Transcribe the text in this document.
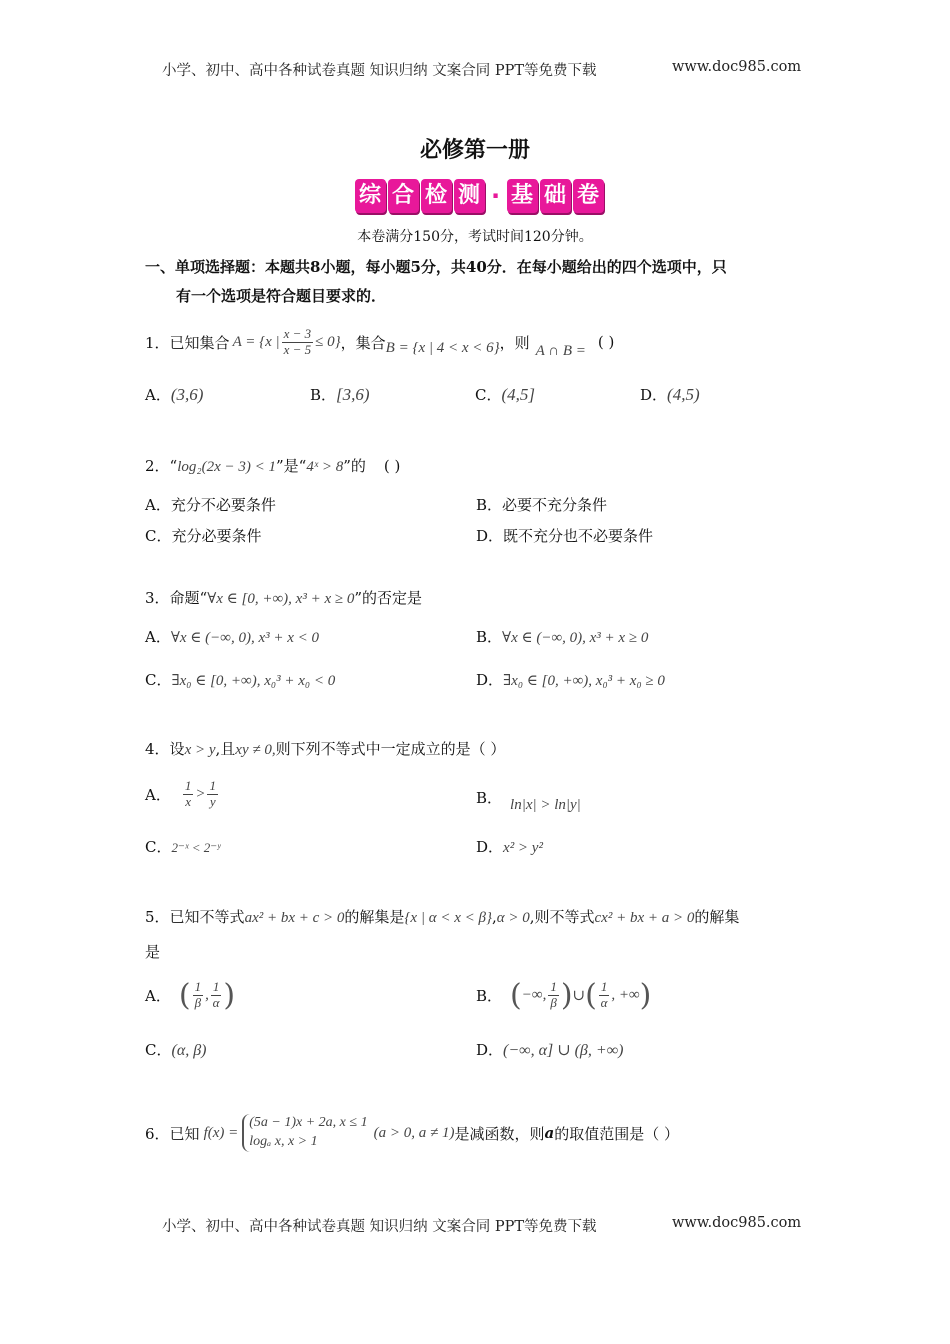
小学、初中、高中各种试卷真题 知识归纳 文案合同 PPT等免费下载	www.doc985.com
必修第一册
综 合 检 测 · 基 础 卷
本卷满分150分，考试时间120分钟。
一、单项选择题：本题共8小题，每小题5分，共40分．在每小题给出的四个选项中，只
有一个选项是符合题目要求的．
1． 已知集合 A = {x | $\frac{x - 3}{x - 5} \le 0$} ，集合 B = {x | 4 < x < 6} ，则 A ∩ B = ( )
A．(3,6)	B．[3,6)	C．(4,5]	D．(4,5)
2．“log₂(2x − 3) < 1”是“4ˣ > 8”的 ( )
A．充分不必要条件	B．必要不充分条件
C．充分必要条件	D．既不充分也不必要条件
3．命题“∀x ∈ [0, +∞), x³ + x ≥ 0”的否定是
A．∀x ∈ (−∞, 0), x³ + x < 0	B．∀x ∈ (−∞, 0), x³ + x ≥ 0
C．∃x₀ ∈ [0, +∞), x₀³ + x₀ < 0	D．∃x₀ ∈ [0, +∞), x₀³ + x₀ ≥ 0
4．设x > y,且xy ≠ 0,则下列不等式中一定成立的是（ ）
A． $\frac{1}{x} > \frac{1}{y}$	B． ln|x| > ln|y|
C．2⁻ˣ < 2⁻ʸ	D．x² > y²
5．已知不等式ax² + bx + c > 0的解集是{x | α < x < β},α > 0,则不等式cx² + bx + a > 0的解集
是
A． ( $\frac{1}{\beta}$ , $\frac{1}{\alpha}$ )	B． ( −∞, $\frac{1}{\beta}$ ) ∪ ( $\frac{1}{\alpha}$ , +∞ )
C．(α, β)	D．(−∞, α] ∪ (β, +∞)
6． 已知 f(x) =
(5a − 1)x + 2a, x ≤ 1
logₐ x, x > 1
(a > 0, a ≠ 1) 是减函数，则 a 的取值范围是（ ）
小学、初中、高中各种试卷真题 知识归纳 文案合同 PPT等免费下载	www.doc985.com
